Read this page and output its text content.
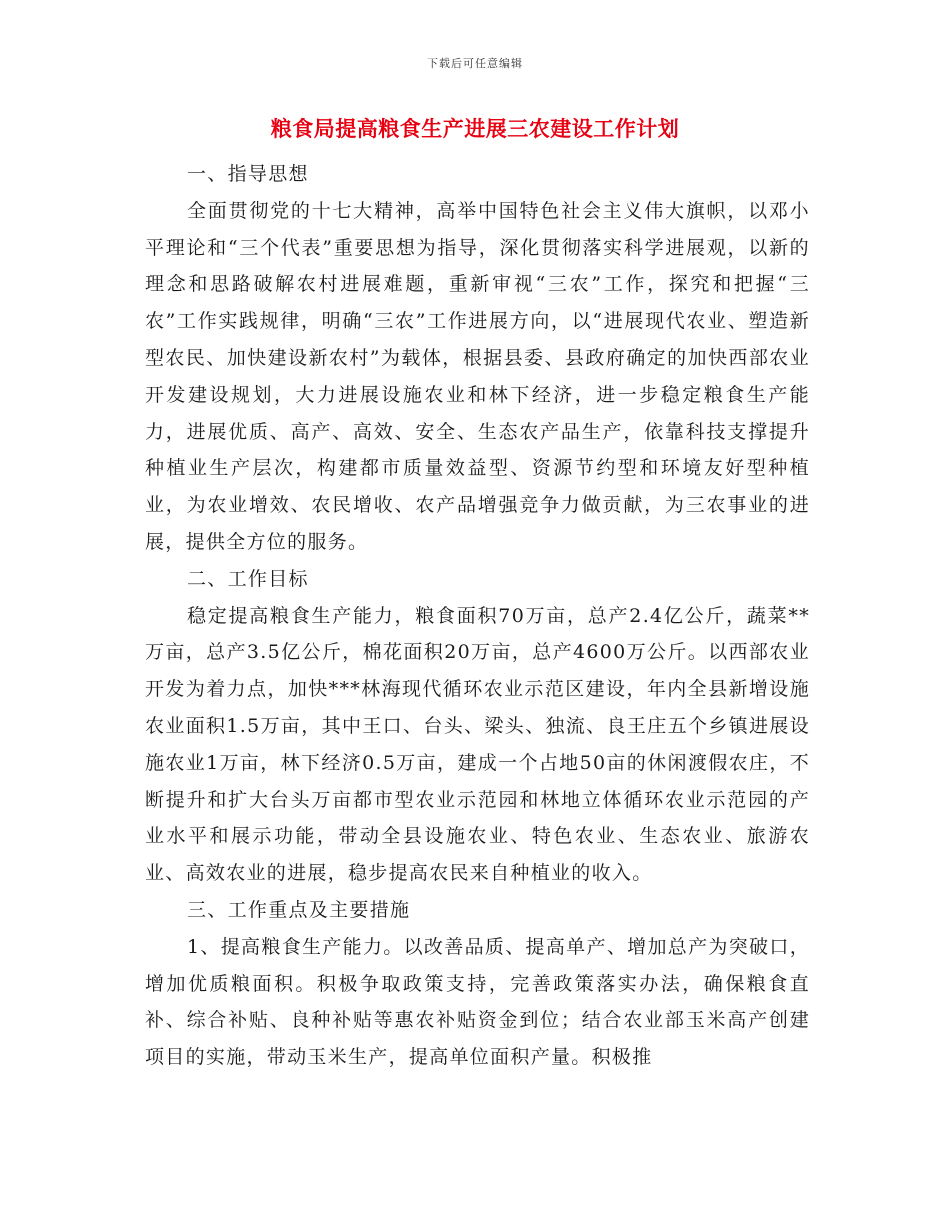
下载后可任意编辑
粮食局提高粮食生产进展三农建设工作计划

一、指导思想

全面贯彻党的十七大精神，高举中国特色社会主义伟大旗帜，以邓小平理论和“三个代表”重要思想为指导，深化贯彻落实科学进展观，以新的理念和思路破解农村进展难题，重新审视“三农”工作，探究和把握“三农”工作实践规律，明确“三农”工作进展方向，以“进展现代农业、塑造新型农民、加快建设新农村”为载体，根据县委、县政府确定的加快西部农业开发建设规划，大力进展设施农业和林下经济，进一步稳定粮食生产能力，进展优质、高产、高效、安全、生态农产品生产，依靠科技支撑提升种植业生产层次，构建都市质量效益型、资源节约型和环境友好型种植业，为农业增效、农民增收、农产品增强竞争力做贡献，为三农事业的进展，提供全方位的服务。

二、工作目标

稳定提高粮食生产能力，粮食面积70万亩，总产2.4亿公斤，蔬菜**万亩，总产3.5亿公斤，棉花面积20万亩，总产4600万公斤。以西部农业开发为着力点，加快***林海现代循环农业示范区建设，年内全县新增设施农业面积1.5万亩，其中王口、台头、梁头、独流、良王庄五个乡镇进展设施农业1万亩，林下经济0.5万亩，建成一个占地50亩的休闲渡假农庄，不断提升和扩大台头万亩都市型农业示范园和林地立体循环农业示范园的产业水平和展示功能，带动全县设施农业、特色农业、生态农业、旅游农业、高效农业的进展，稳步提高农民来自种植业的收入。

三、工作重点及主要措施

1、提高粮食生产能力。以改善品质、提高单产、增加总产为突破口，增加优质粮面积。积极争取政策支持，完善政策落实办法，确保粮食直补、综合补贴、良种补贴等惠农补贴资金到位；结合农业部玉米高产创建项目的实施，带动玉米生产，提高单位面积产量。积极推
